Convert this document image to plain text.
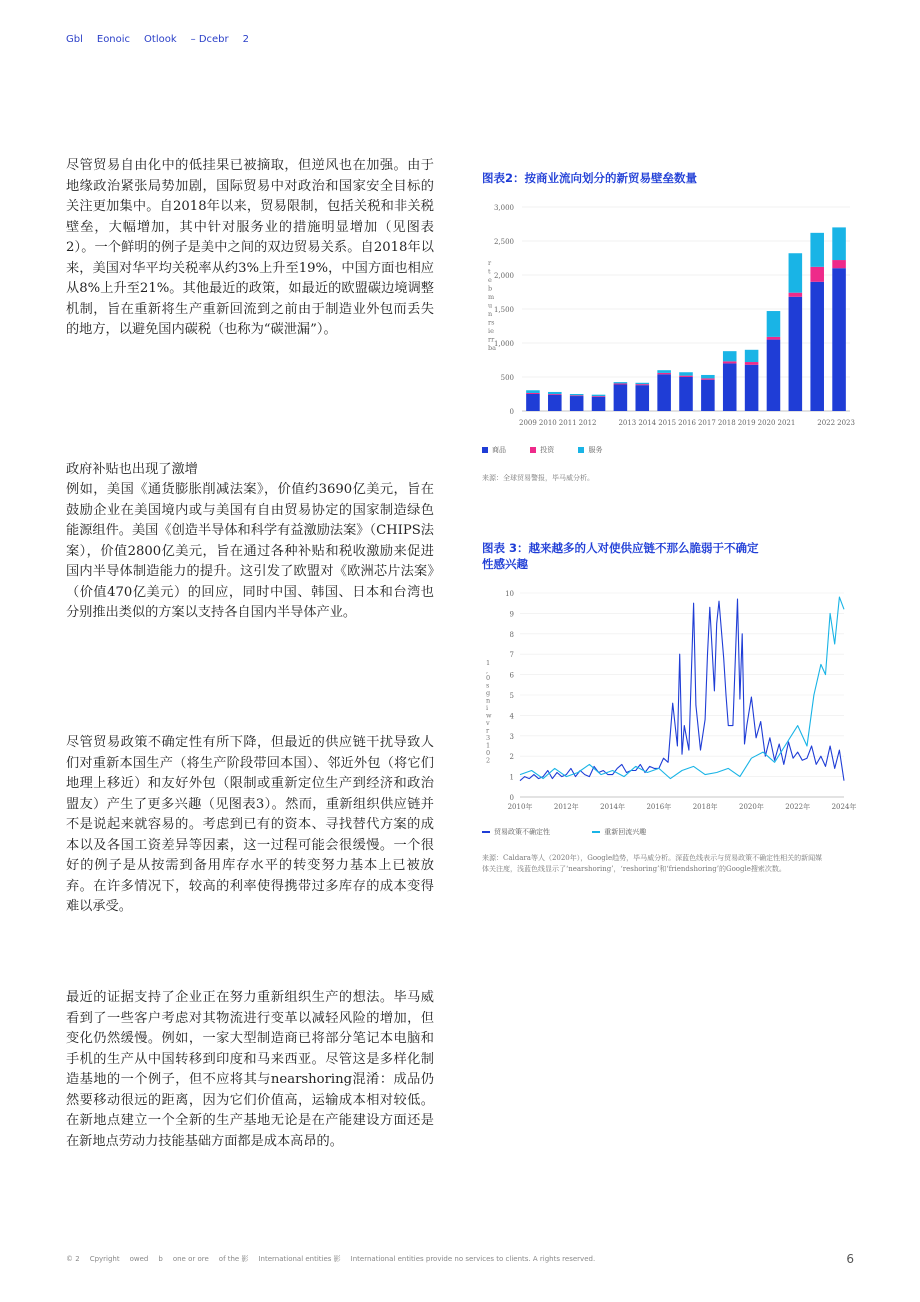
Gbl Eonoic Otlook – Dcebr 2

尽管贸易自由化中的低挂果已被摘取，但逆风也在加强。由于地缘政治紧张局势加剧，国际贸易中对政治和国家安全目标的关注更加集中。自2018年以来，贸易限制，包括关税和非关税壁垒，大幅增加，其中针对服务业的措施明显增加（见图表2）。一个鲜明的例子是美中之间的双边贸易关系。自2018年以来，美国对华平均关税率从约3%上升至19%，中国方面也相应从8%上升至21%。其他最近的政策，如最近的欧盟碳边境调整机制，旨在重新将生产重新回流到之前由于制造业外包而丢失的地方，以避免国内碳税（也称为“碳泄漏”）。

政府补贴也出现了激增

例如，美国《通货膨胀削减法案》，价值约3690亿美元，旨在鼓励企业在美国境内或与美国有自由贸易协定的国家制造绿色能源组件。美国《创造半导体和科学有益激励法案》（CHIPS法案），价值2800亿美元，旨在通过各种补贴和税收激励来促进国内半导体制造能力的提升。这引发了欧盟对《欧洲芯片法案》（价值470亿美元）的回应，同时中国、韩国、日本和台湾也分别推出类似的方案以支持各自国内半导体产业。

尽管贸易政策不确定性有所下降，但最近的供应链干扰导致人们对重新本国生产（将生产阶段带回本国）、邻近外包（将它们地理上移近）和友好外包（限制或重新定位生产到经济和政治盟友）产生了更多兴趣（见图表3）。然而，重新组织供应链并不是说起来就容易的。考虑到已有的资本、寻找替代方案的成本以及各国工资差异等因素，这一过程可能会很缓慢。一个很好的例子是从按需到备用库存水平的转变努力基本上已被放弃。在许多情况下，较高的利率使得携带过多库存的成本变得难以承受。

最近的证据支持了企业正在努力重新组织生产的想法。毕马威看到了一些客户考虑对其物流进行变革以减轻风险的增加，但变化仍然缓慢。例如，一家大型制造商已将部分笔记本电脑和手机的生产从中国转移到印度和马来西亚。尽管这是多样化制造基地的一个例子，但不应将其与nearshoring混淆：成品仍然要移动很远的距离，因为它们价值高，运输成本相对较低。在新地点建立一个全新的生产基地无论是在产能建设方面还是在新地点劳动力技能基础方面都是成本高昂的。

图表2：按商业流向划分的新贸易壁垒数量
0
500
1,000
1,500
2,000
2,500
3,000
r
t
e
b
m
u
n
rs
ie
rr
ba
2009 2010 2011 2012	2013 2014 2015 2016 2017 2018 2019 2020 2021	2022 2023
商品	投资	服务
来源：全球贸易警报，毕马威分析。
图表 3：越来越多的人对使供应链不那么脆弱于不确定
性感兴趣
0
1
2
3
4
5
6
7
8
9
10
2010年	2012年	2014年	2016年	2018年	2020年	2022年	2024年
1
,
0
s
g
n
i
w
v
r
3
1
0
2
贸易政策不确定性	重新回流兴趣
来源：Caldara等人（2020年），Google趋势，毕马威分析。深蓝色线表示与贸易政策不确定性相关的新闻媒
体关注度，浅蓝色线显示了‘nearshoring’，‘reshoring’和‘friendshoring’的Google搜索次数。
© 2 Cpyright owed b one or ore of the 影 International entities 影 International entities provide no services to clients. A rights reserved.	6
